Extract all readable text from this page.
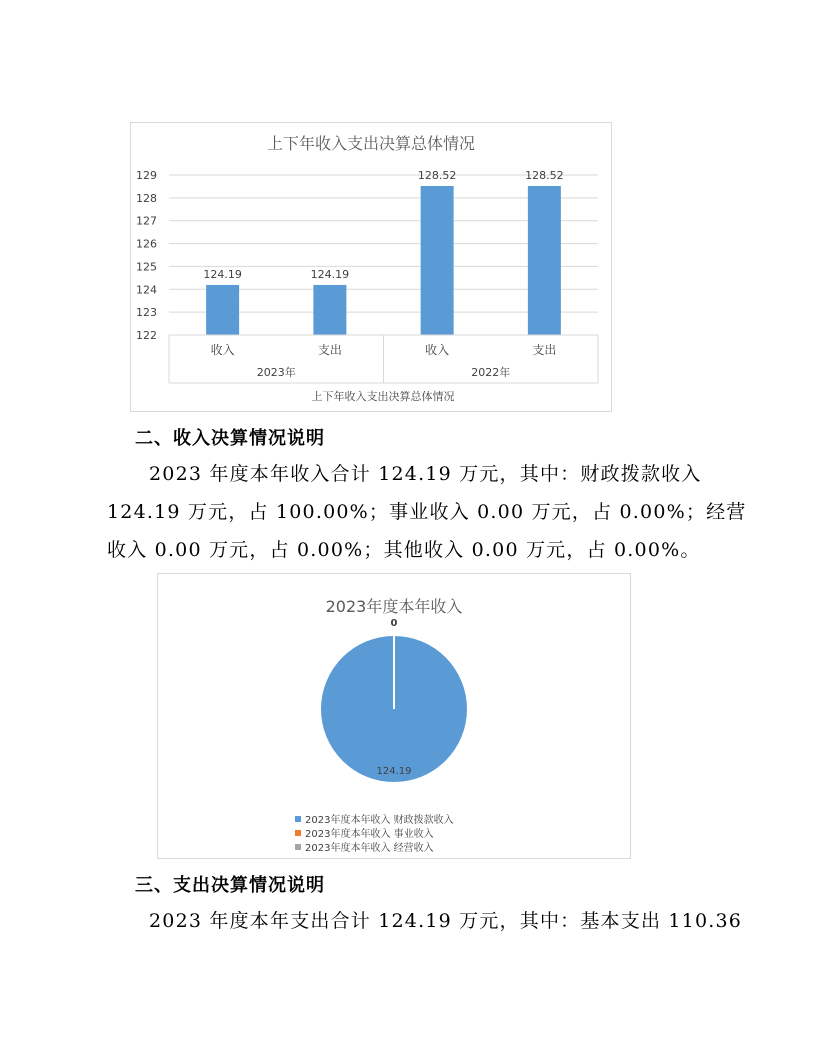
上下年收入支出决算总体情况
122
123
124
125
126
127
128
129
124.19	124.19
128.52	128.52
收入	支出	收入	支出
2023年	2022年
上下年收入支出决算总体情况
二、收入决算情况说明
2023 年度本年收入合计 124.19 万元，其中：财政拨款收入
124.19 万元，占 100.00%；事业收入 0.00 万元，占 0.00%；经营
收入 0.00 万元，占 0.00%；其他收入 0.00 万元，占 0.00%。
2023年度本年收入
0
124.19
2023年度本年收入 财政拨款收入
2023年度本年收入 事业收入
2023年度本年收入 经营收入
三、支出决算情况说明
2023 年度本年支出合计 124.19 万元，其中：基本支出 110.36
